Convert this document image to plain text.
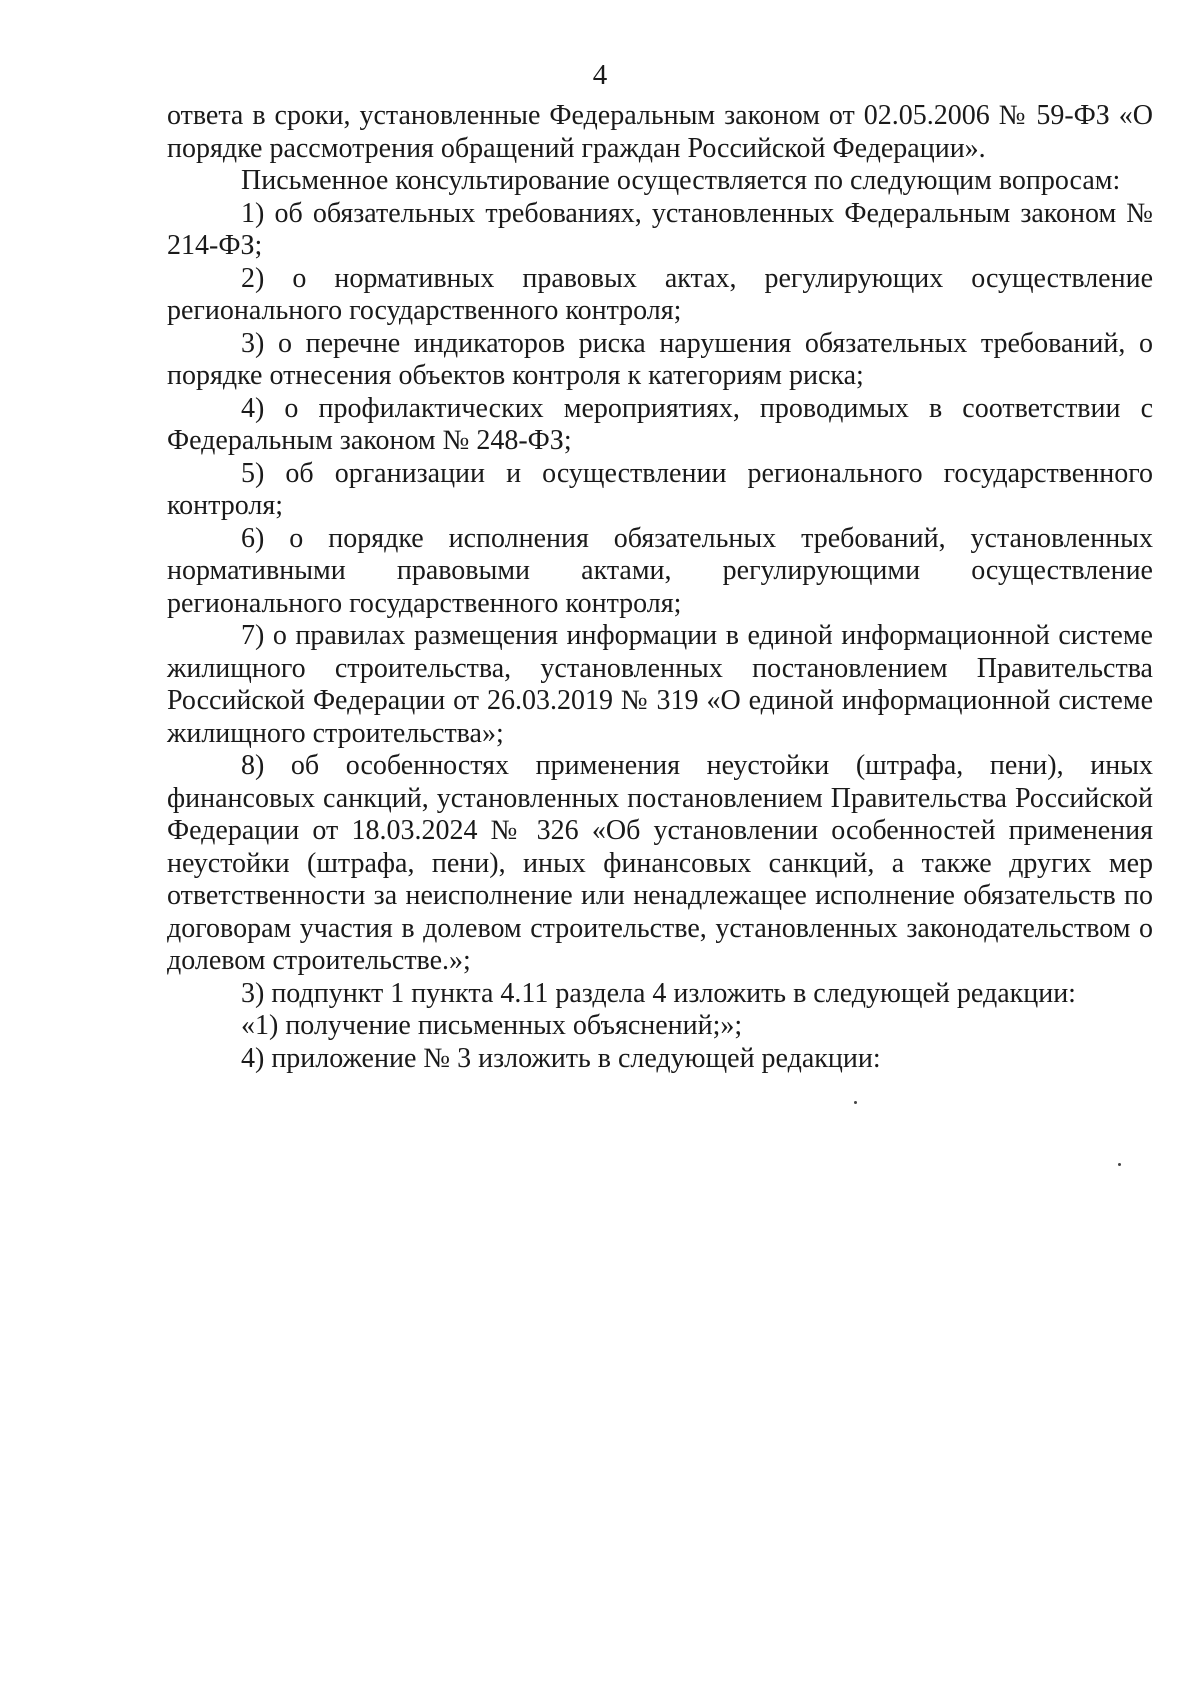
4

ответа в сроки, установленные Федеральным законом от 02.05.2006 № 59-ФЗ «О порядке рассмотрения обращений граждан Российской Федерации».

Письменное консультирование осуществляется по следующим вопросам:

1) об обязательных требованиях, установленных Федеральным законом № 214-ФЗ;

2) о нормативных правовых актах, регулирующих осуществление регионального государственного контроля;

3) о перечне индикаторов риска нарушения обязательных требований, о порядке отнесения объектов контроля к категориям риска;

4) о профилактических мероприятиях, проводимых в соответствии с Федеральным законом № 248-ФЗ;

5) об организации и осуществлении регионального государственного контроля;

6) о порядке исполнения обязательных требований, установленных нормативными правовыми актами, регулирующими осуществление регионального государственного контроля;

7) о правилах размещения информации в единой информационной системе жилищного строительства, установленных постановлением Правительства Российской Федерации от 26.03.2019 № 319 «О единой информационной системе жилищного строительства»;

8) об особенностях применения неустойки (штрафа, пени), иных финансовых санкций, установленных постановлением Правительства Российской Федерации от 18.03.2024 № 326 «Об установлении особенностей применения неустойки (штрафа, пени), иных финансовых санкций, а также других мер ответственности за неисполнение или ненадлежащее исполнение обязательств по договорам участия в долевом строительстве, установленных законодательством о долевом строительстве.»;

3) подпункт 1 пункта 4.11 раздела 4 изложить в следующей редакции:

«1) получение письменных объяснений;»;

4) приложение № 3 изложить в следующей редакции:
